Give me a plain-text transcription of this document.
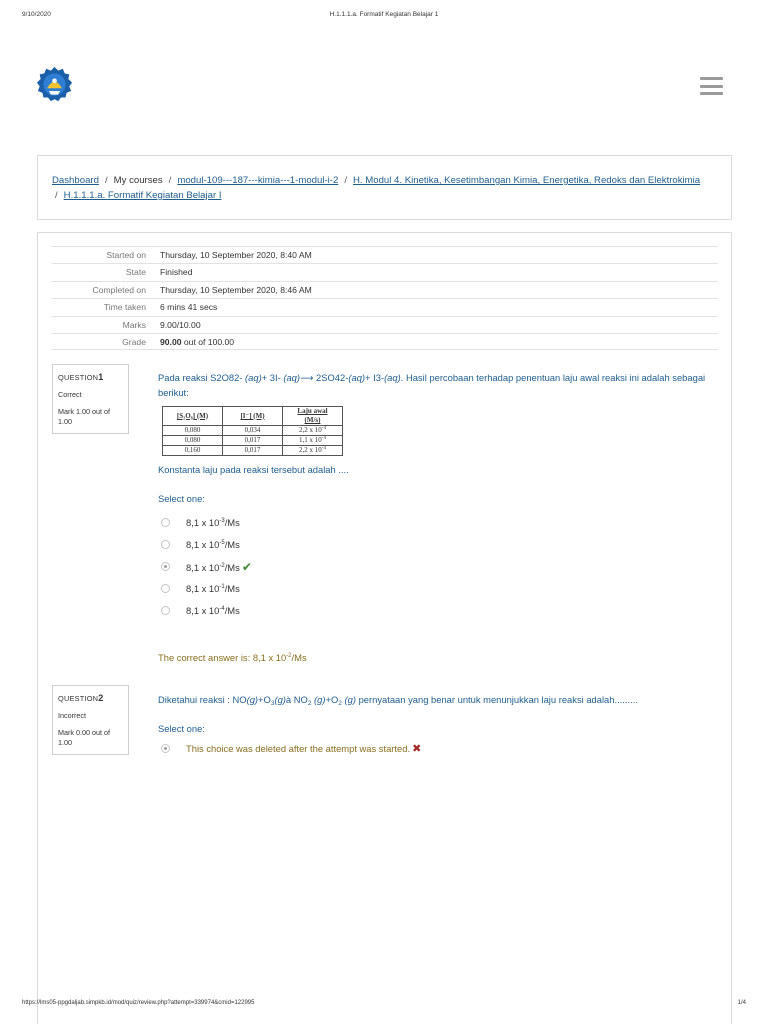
9/10/2020	H.1.1.1.a. Formatif Kegiatan Belajar 1
Dashboard / My courses / modul-109---187---kimia---1-modul-i-2 / H. Modul 4. Kinetika, Kesetimbangan Kimia, Energetika, Redoks dan Elektrokimia
/ H.1.1.1.a. Formatif Kegiatan Belajar I
Started on	Thursday, 10 September 2020, 8:40 AM
State	Finished
Completed on	Thursday, 10 September 2020, 8:46 AM
Time taken	6 mins 41 secs
Marks	9.00/10.00
Grade	90.00 out of 100.00
QUESTION1
Correct
Mark 1.00 out of 1.00
Pada reaksi S2O82- (aq)+ 3I- (aq)⟶ 2SO42-(aq)+ I3-(aq). Hasil percobaan terhadap penentuan laju awal reaksi ini adalah sebagai berikut:
[S₂O₈] (M)	[I⁻] (M)	Laju awal (M/s)
0,080	0,034	2,2 x $10^{-4}$
0,080	0,017	1,1 x $10^{-4}$
0,160	0,017	2,2 x $10^{-4}$
Konstanta laju pada reaksi tersebut adalah ....
Select one:
8,1 x $10^{-3}/Ms$
8,1 x $10^{-5}/Ms$
8,1 x $10^{-2}/Ms$ ✔
8,1 x $10^{-1}/Ms$
8,1 x $10^{-4}/Ms$
The correct answer is: 8,1 x $10^{-2}/Ms$
QUESTION2
Incorrect
Mark 0.00 out of 1.00
Diketahui reaksi : $NO(g)+O_3(g)à$ $NO_2$ $(g)+O_2$ (g) pernyataan yang benar untuk menunjukkan laju reaksi adalah.........
Select one:
This choice was deleted after the attempt was started. ✖
https://lms05-ppgdaljab.simpkb.id/mod/quiz/review.php?attempt=339974&cmid=122995	1/4
